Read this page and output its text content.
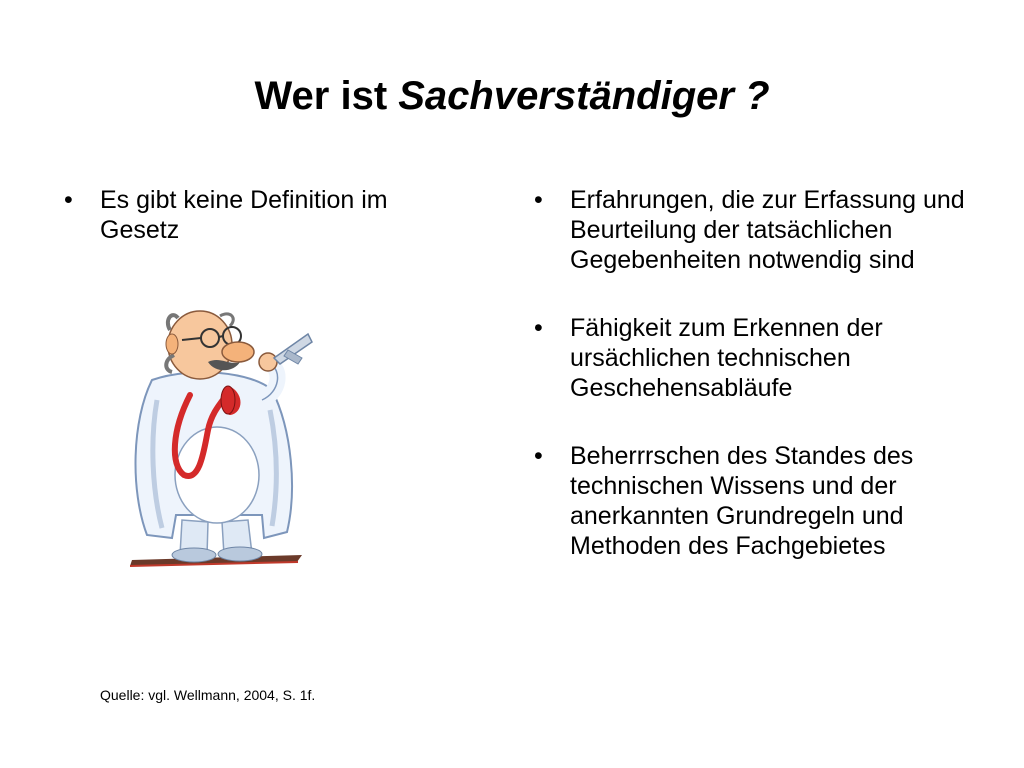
Wer ist Sachverständiger ?
• Es gibt keine Definition im Gesetz
• Erfahrungen, die zur Erfassung und Beurteilung der tatsächlichen Gegebenheiten notwendig sind
• Fähigkeit zum Erkennen der ursächlichen technischen Geschehensabläufe
• Beherrrschen des Standes des technischen Wissens und der anerkannten Grundregeln und Methoden des Fachgebietes
Quelle: vgl. Wellmann, 2004, S. 1f.
